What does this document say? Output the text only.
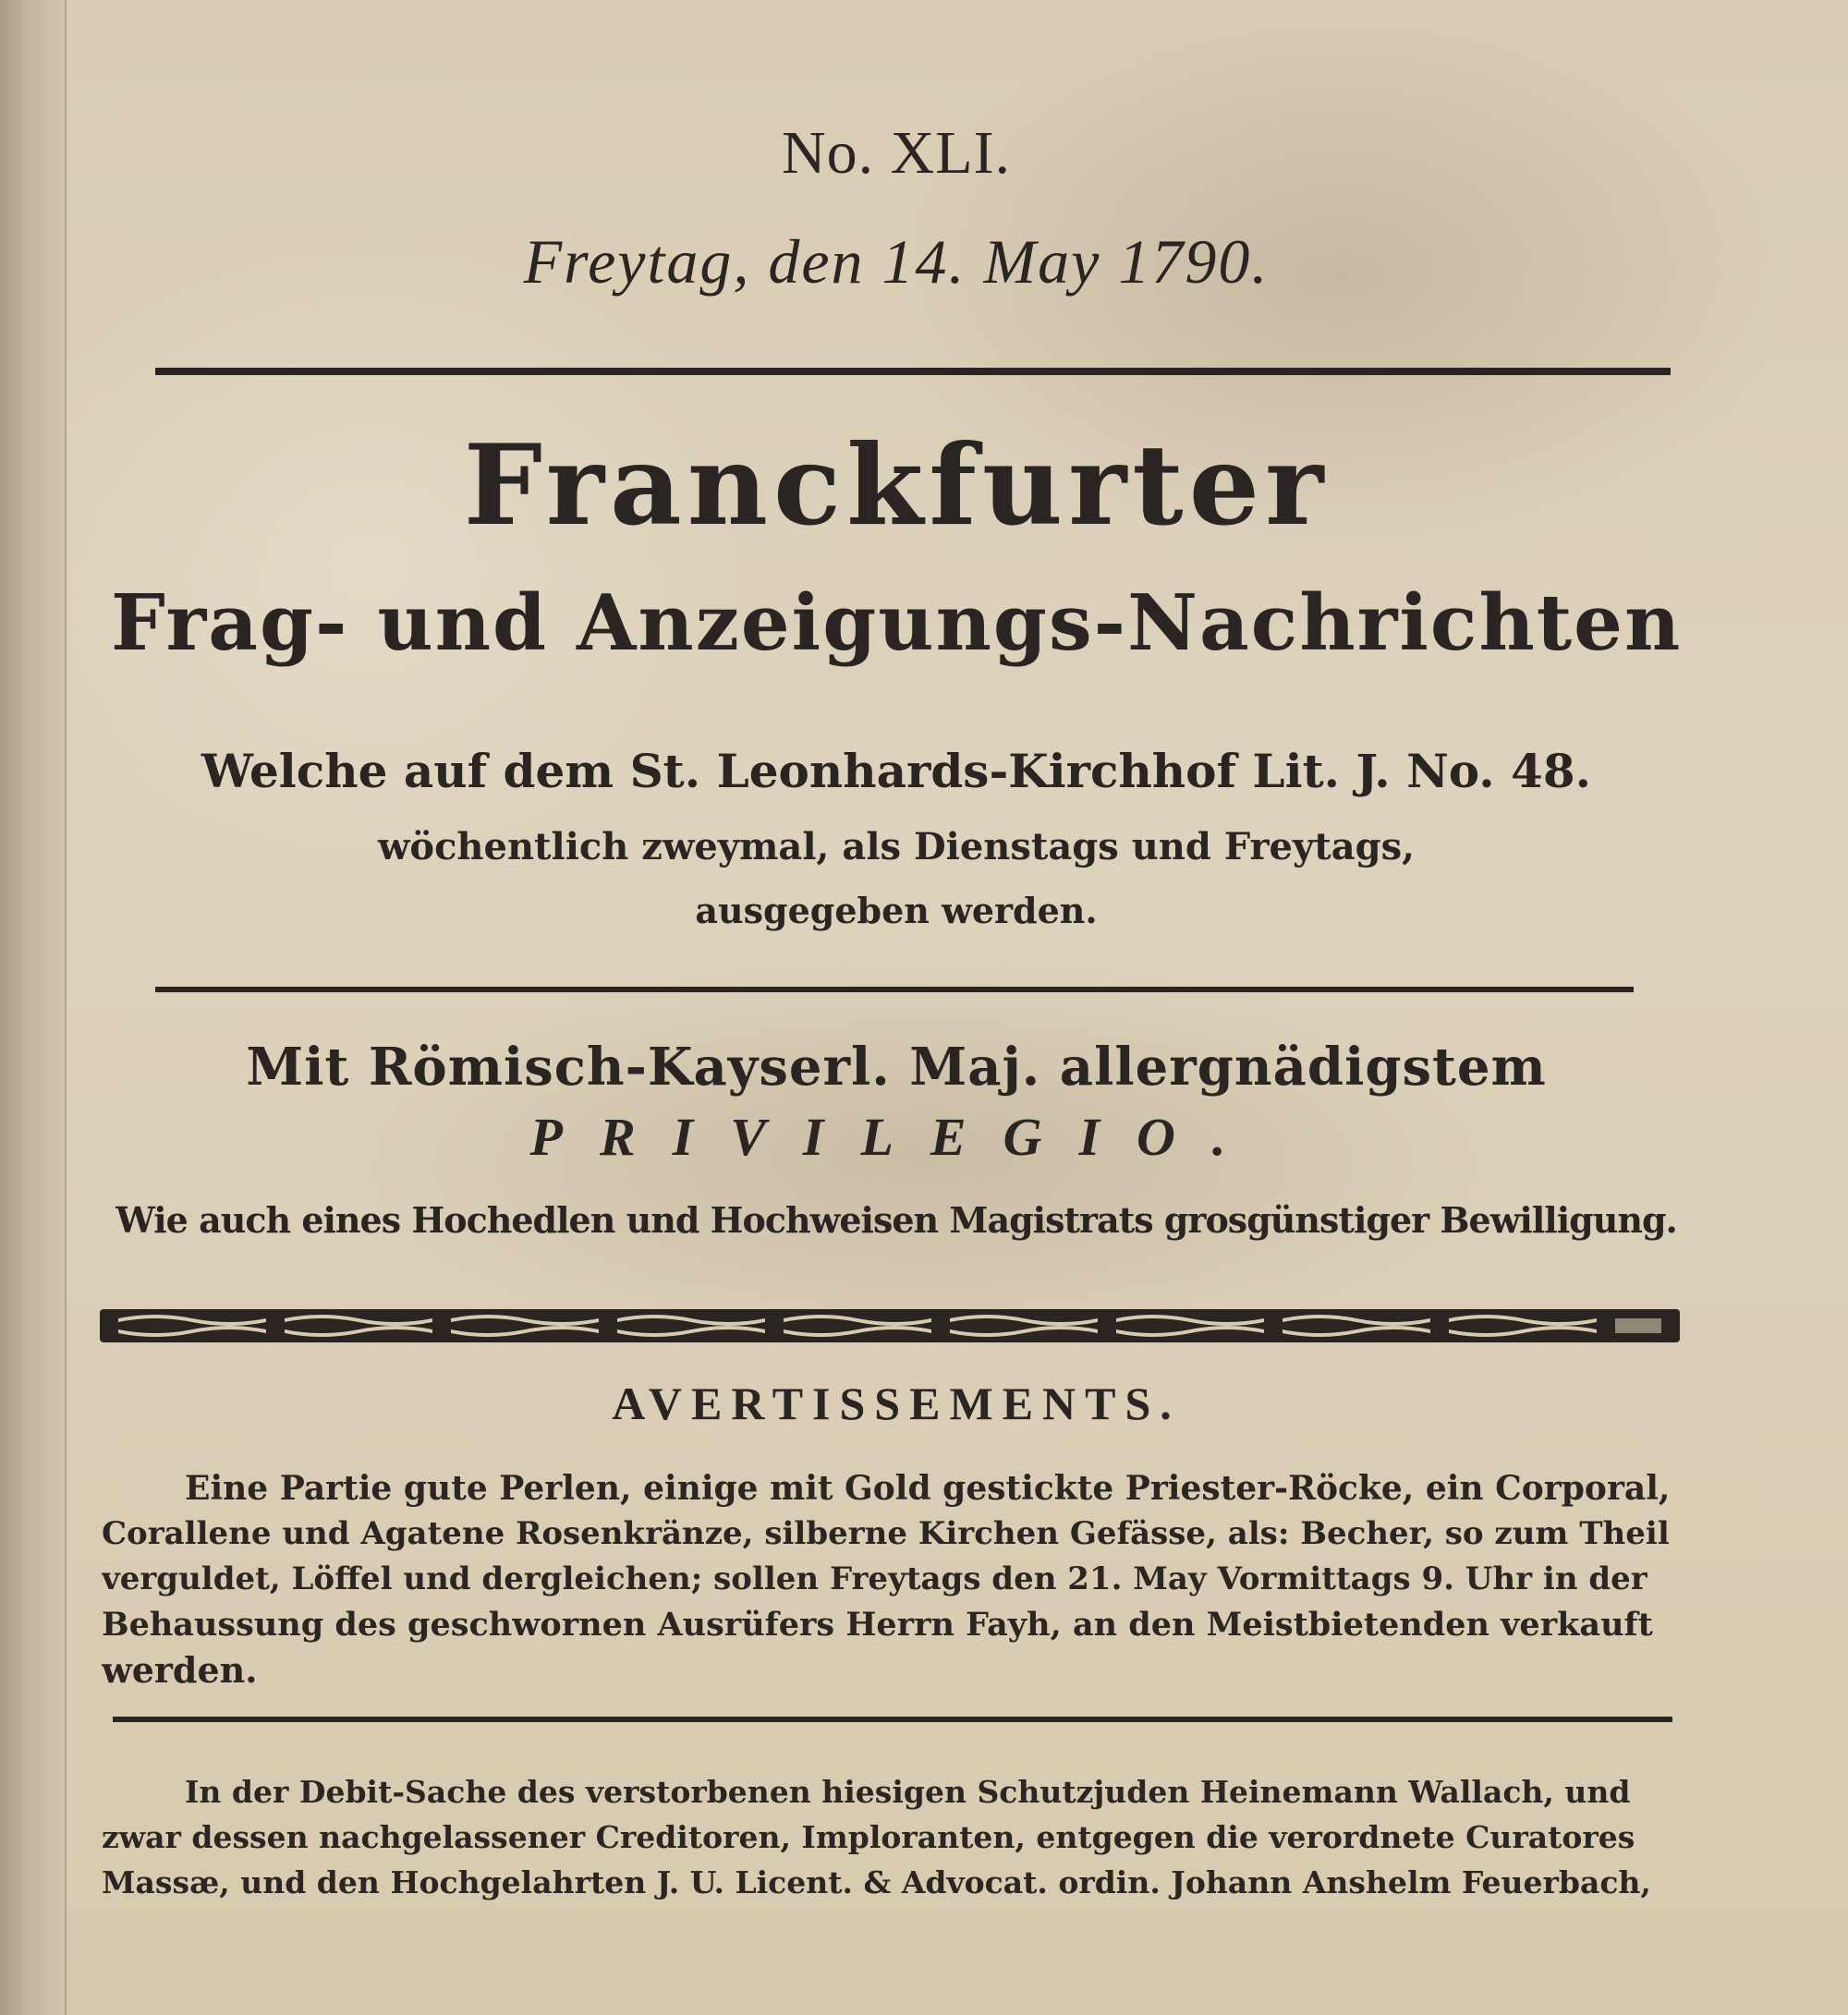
No. XLI.
Freytag, den 14. May 1790.
Franckfurter
Frag- und Anzeigungs-Nachrichten
Welche auf dem St. Leonhards-Kirchhof Lit. J. No. 48.
wöchentlich zweymal, als Dienstags und Freytags,
ausgegeben werden.
Mit Römisch-Kayserl. Maj. allergnädigstem
PRIVILEGIO.
Wie auch eines Hochedlen und Hochweisen Magistrats grosgünstiger Bewilligung.
AVERTISSEMENTS.
Eine Partie gute Perlen, einige mit Gold gestickte Priester-Röcke, ein Corporal,
Corallene und Agatene Rosenkränze, silberne Kirchen Gefässe, als: Becher, so zum Theil
verguldet, Löffel und dergleichen; sollen Freytags den 21. May Vormittags 9. Uhr in der
Behaussung des geschwornen Ausrüfers Herrn Fayh, an den Meistbietenden verkauft
werden.
In der Debit-Sache des verstorbenen hiesigen Schutzjuden Heinemann Wallach, und
zwar dessen nachgelassener Creditoren, Imploranten, entgegen die verordnete Curatores
Massæ, und den Hochgelahrten J. U. Licent. & Advocat. ordin. Johann Anshelm Feuerbach,
